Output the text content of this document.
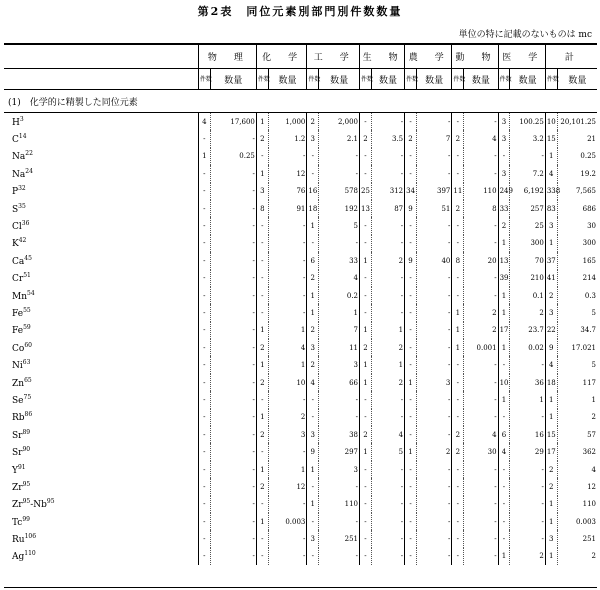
第2表　同位元素別部門別件数数量
単位の特に記載のないものは mc
	物　理		化　学		工　学		生　物		農　学		動　物		医　学		計	
	件数	数量	件数	数量	件数	数量	件数	数量	件数	数量	件数	数量	件数	数量	件数	数量
(1)　化学的に精製した同位元素																
$H^3$	4	17,600	1	1,000	2	2,000	-	-	-	-	-	-	3	100.25	10	20,101.25
$C^{14}$	-	-	2	1.2	3	2.1	2	3.5	2	7	2	4	3	3.2	15	21
Na$^{22}$	1	0.25	-	-	-	-	-	-	-	-	-	-	-	-	1	0.25
Na$^{24}$	-	-	1	12	-	-	-	-	-	-	-	-	3	7.2	4	19.2
$P^{32}$	-	-	3	76	16	578	25	312	34	397	11	110	249	6,192	338	7,565
$S^{35}$	-	-	8	91	18	192	13	87	9	51	2	8	33	257	83	686
Cl$^{36}$	-	-	-	-	1	5	-	-	-	-	-	-	2	25	3	30
$K^{42}$	-	-	-	-	-	-	-	-	-	-	-	-	1	300	1	300
Ca$^{45}$	-	-	-	-	6	33	1	2	9	40	8	20	13	70	37	165
Cr$^{51}$	-	-	-	-	2	4	-	-	-	-	-	-	39	210	41	214
Mn$^{54}$	-	-	-	-	1	0.2	-	-	-	-	-	-	1	0.1	2	0.3
Fe$^{55}$	-	-	-	-	1	1	-	-	-	-	1	2	1	2	3	5
Fe$^{59}$	-	-	1	1	2	7	1	1	-	-	1	2	17	23.7	22	34.7
Co$^{60}$	-	-	2	4	3	11	2	2	-	-	1	0.001	1	0.02	9	17.021
Ni$^{63}$	-	-	1	1	2	3	1	1	-	-	-	-	-	-	4	5
Zn$^{65}$	-	-	2	10	4	66	1	2	1	3	-	-	10	36	18	117
Se$^{75}$	-	-	-	-	-	-	-	-	-	-	-	-	1	1	1	1
Rb$^{86}$	-	-	1	2	-	-	-	-	-	-	-	-	-	-	1	2
Sr$^{89}$	-	-	2	3	3	38	2	4	-	-	2	4	6	16	15	57
Sr$^{90}$	-	-	-	-	9	297	1	5	1	2	2	30	4	29	17	362
$Y^{91}$	-	-	1	1	1	3	-	-	-	-	-	-	-	-	2	4
Zr$^{95}$	-	-	2	12	-	-	-	-	-	-	-	-	-	-	2	12
Zr$^{95}$-Nb$^{95}$	-	-	-	-	1	110	-	-	-	-	-	-	-	-	1	110
Tc$^{99}$	-	-	1	0.003	-	-	-	-	-	-	-	-	-	-	1	0.003
Ru$^{106}$	-	-	-	-	3	251	-	-	-	-	-	-	-	-	3	251
Ag$^{110}$	-	-	-	-	-	-	-	-	-	-	-	-	1	2	1	2
